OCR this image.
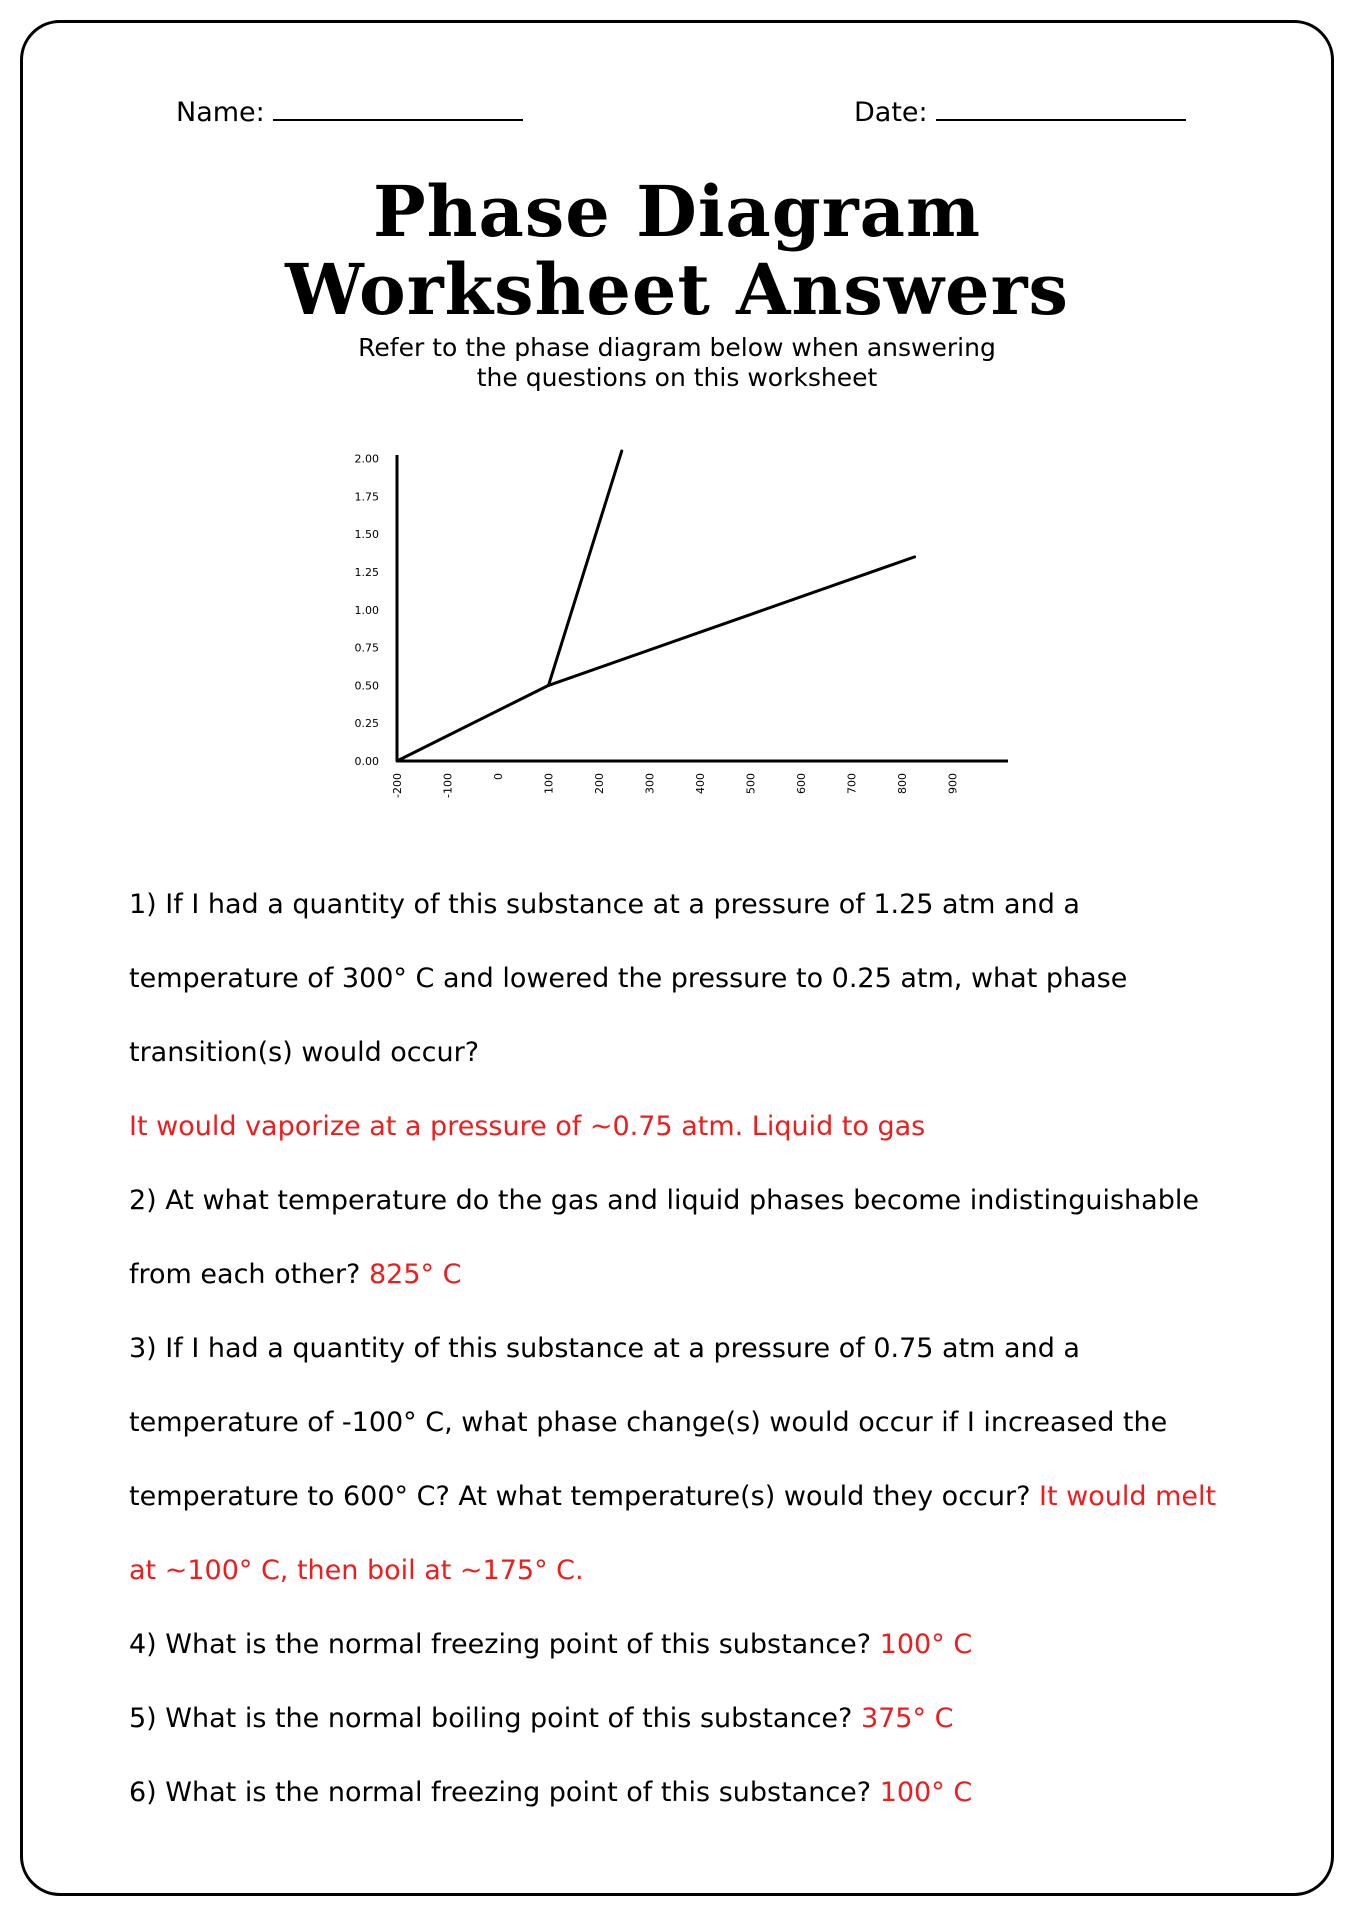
Name:	Date:
Phase Diagram
Worksheet Answers
Refer to the phase diagram below when answering
the questions on this worksheet
0.00
0.25
0.50
0.75
1.00
1.25
1.50
1.75
2.00
-200	-100	0	100	200	300	400	500	600	700	800	900
1) If I had a quantity of this substance at a pressure of 1.25 atm and a
temperature of 300° C and lowered the pressure to 0.25 atm, what phase
transition(s) would occur?
It would vaporize at a pressure of ~0.75 atm. Liquid to gas
2) At what temperature do the gas and liquid phases become indistinguishable
from each other? 825° C
3) If I had a quantity of this substance at a pressure of 0.75 atm and a
temperature of -100° C, what phase change(s) would occur if I increased the
temperature to 600° C? At what temperature(s) would they occur? It would melt
at ~100° C, then boil at ~175° C.
4) What is the normal freezing point of this substance? 100° C
5) What is the normal boiling point of this substance? 375° C
6) What is the normal freezing point of this substance? 100° C
